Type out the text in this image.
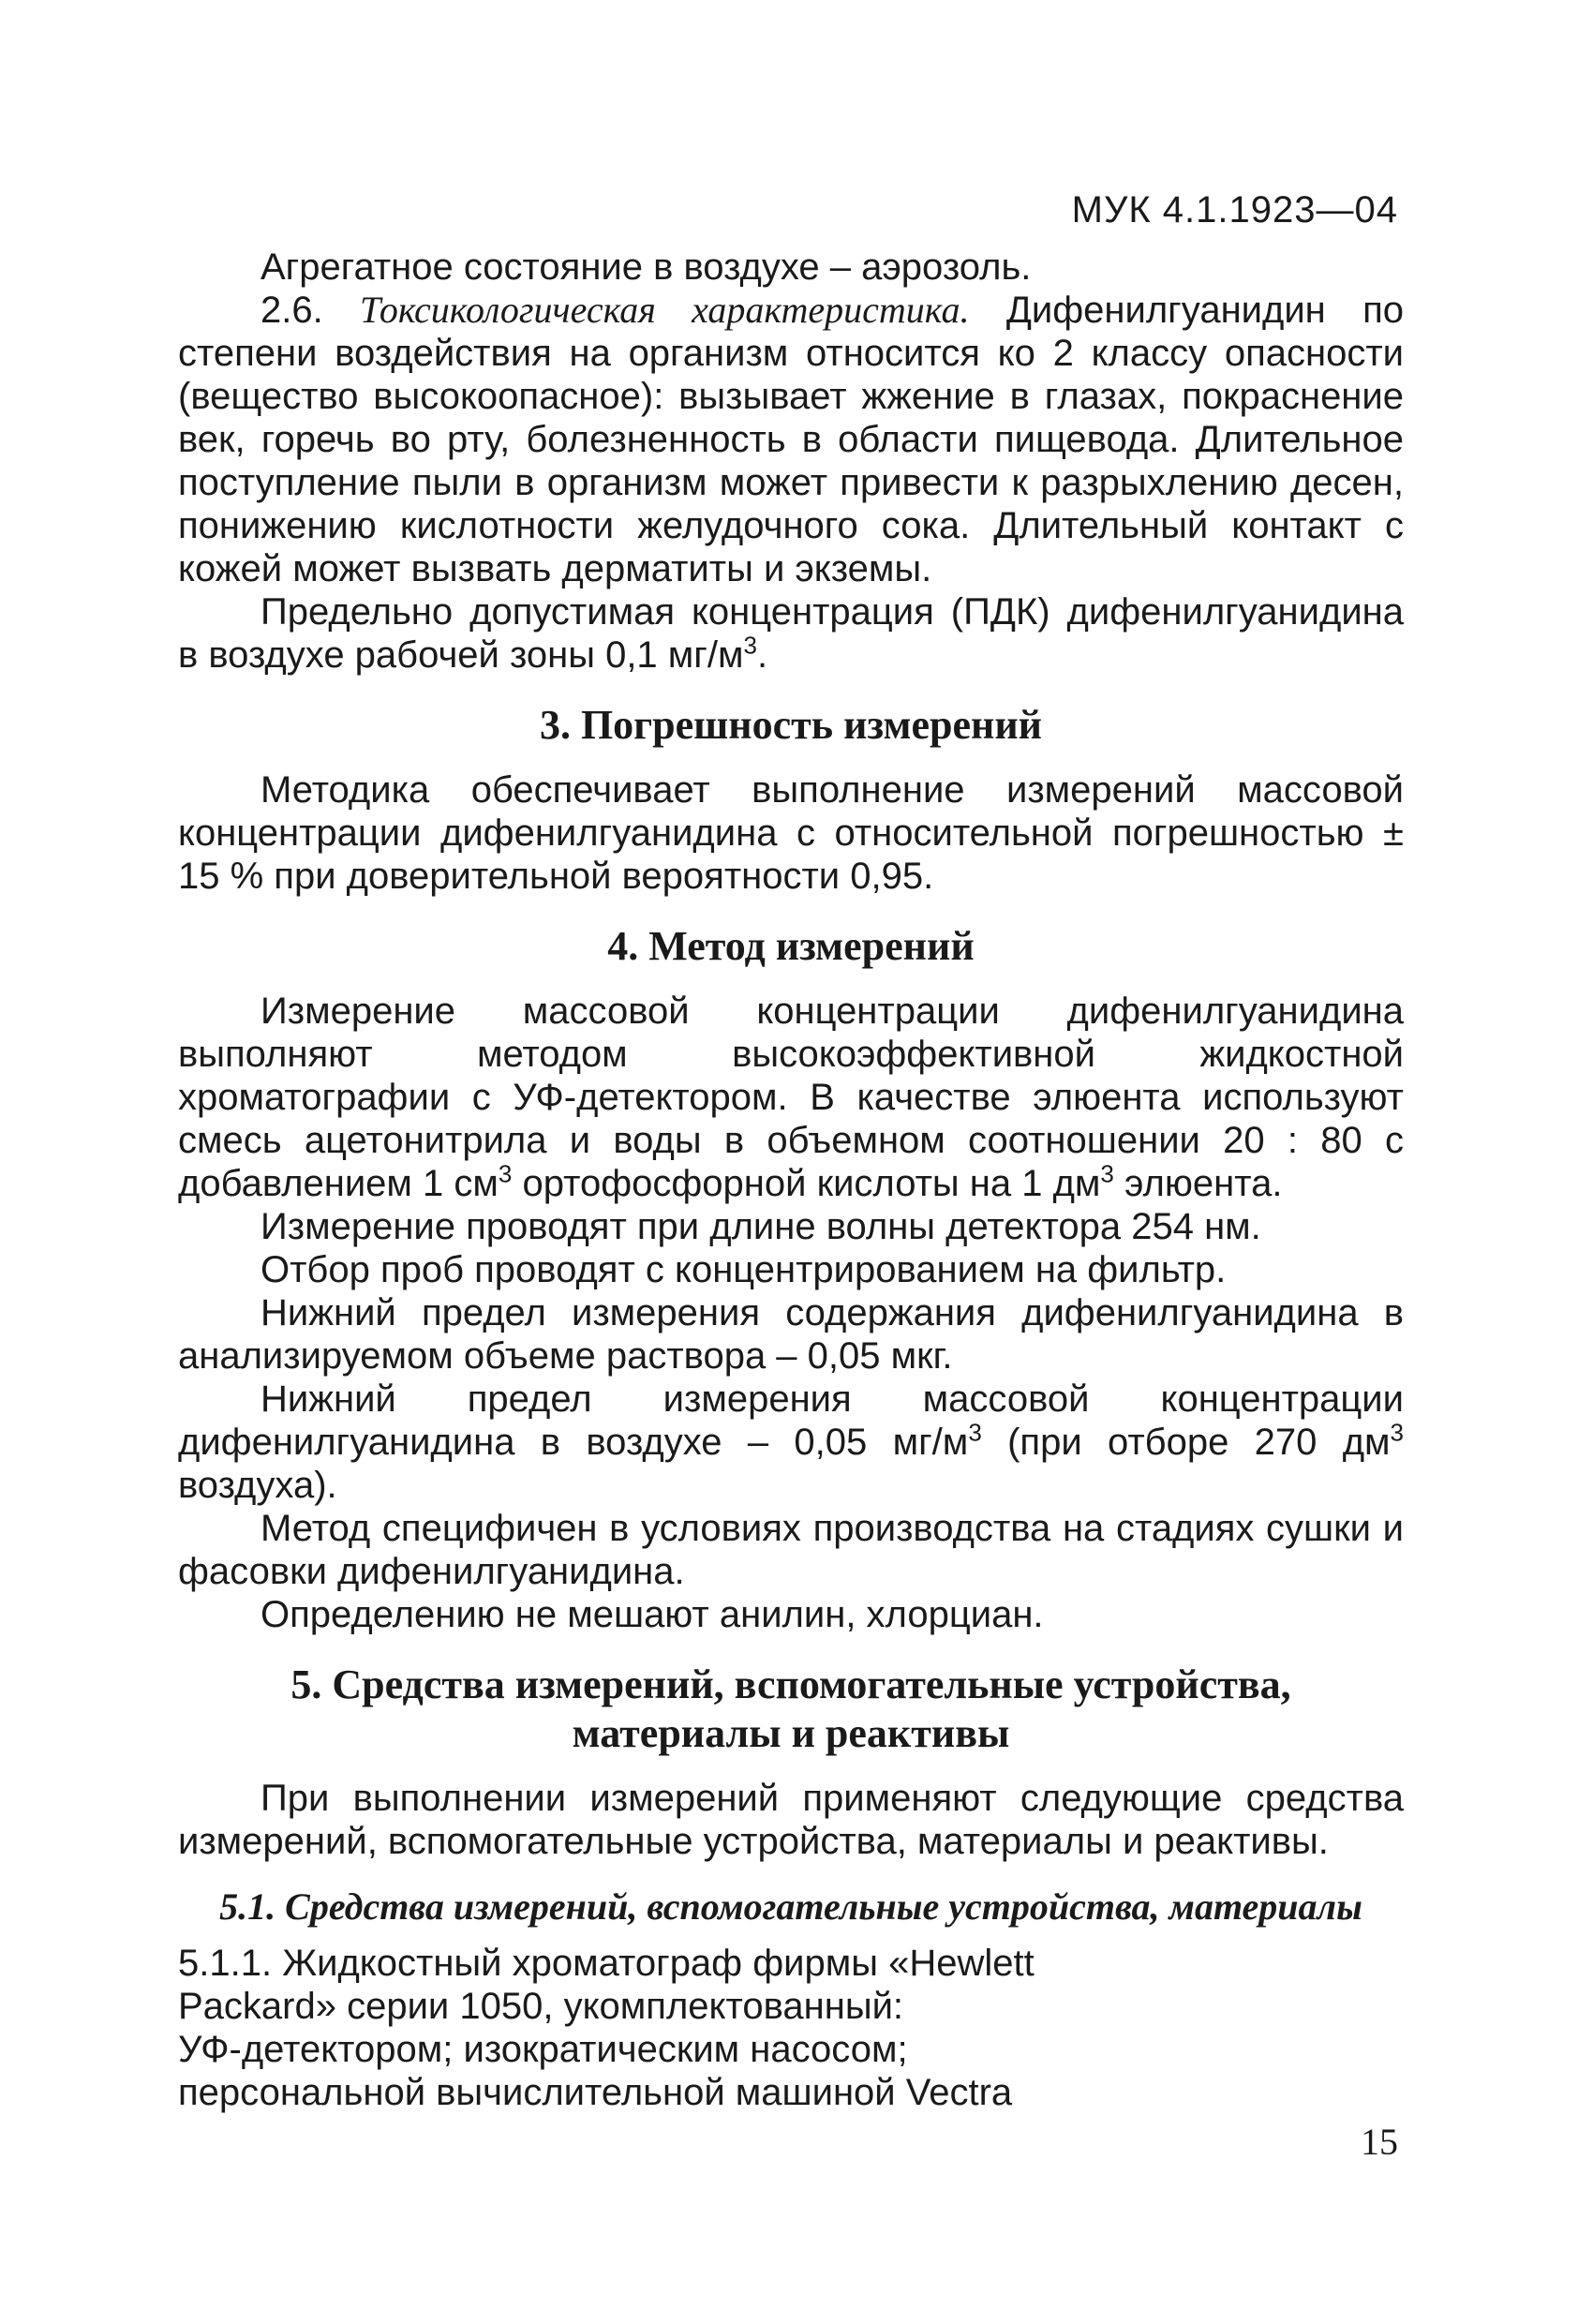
МУК 4.1.1923—04

Агрегатное состояние в воздухе – аэрозоль.

2.6. Токсикологическая характеристика. Дифенилгуанидин по степени воздействия на организм относится ко 2 классу опасности (вещество высокоопасное): вызывает жжение в глазах, покраснение век, горечь во рту, болезненность в области пищевода. Длительное поступление пыли в организм может привести к разрыхлению десен, понижению кислотности желудочного сока. Длительный контакт с кожей может вызвать дерматиты и экземы.

Предельно допустимая концентрация (ПДК) дифенилгуанидина в воздухе рабочей зоны 0,1 $мг/м^3$.

3. Погрешность измерений

Методика обеспечивает выполнение измерений массовой концентрации дифенилгуанидина с относительной погрешностью ± 15 % при доверительной вероятности 0,95.

4. Метод измерений

Измерение массовой концентрации дифенилгуанидина выполняют методом высокоэффективной жидкостной хроматографии с УФ-детектором. В качестве элюента используют смесь ацетонитрила и воды в объемном соотношении 20 : 80 с добавлением 1 $см^3$ ортофосфорной кислоты на 1 $дм^3$ элюента.

Измерение проводят при длине волны детектора 254 нм.

Отбор проб проводят с концентрированием на фильтр.

Нижний предел измерения содержания дифенилгуанидина в анализируемом объеме раствора – 0,05 мкг.

Нижний предел измерения массовой концентрации дифенилгуанидина в воздухе – 0,05 $мг/м^3$ (при отборе 270 $дм^3$ воздуха).

Метод специфичен в условиях производства на стадиях сушки и фасовки дифенилгуанидина.

Определению не мешают анилин, хлорциан.

5. Средства измерений, вспомогательные устройства,
материалы и реактивы

При выполнении измерений применяют следующие средства измерений, вспомогательные устройства, материалы и реактивы.

5.1. Средства измерений, вспомогательные устройства, материалы

5.1.1. Жидкостный хроматограф фирмы «Hewlett
Packard» серии 1050, укомплектованный:
УФ-детектором; изократическим насосом;
персональной вычислительной машиной Vectra

15
